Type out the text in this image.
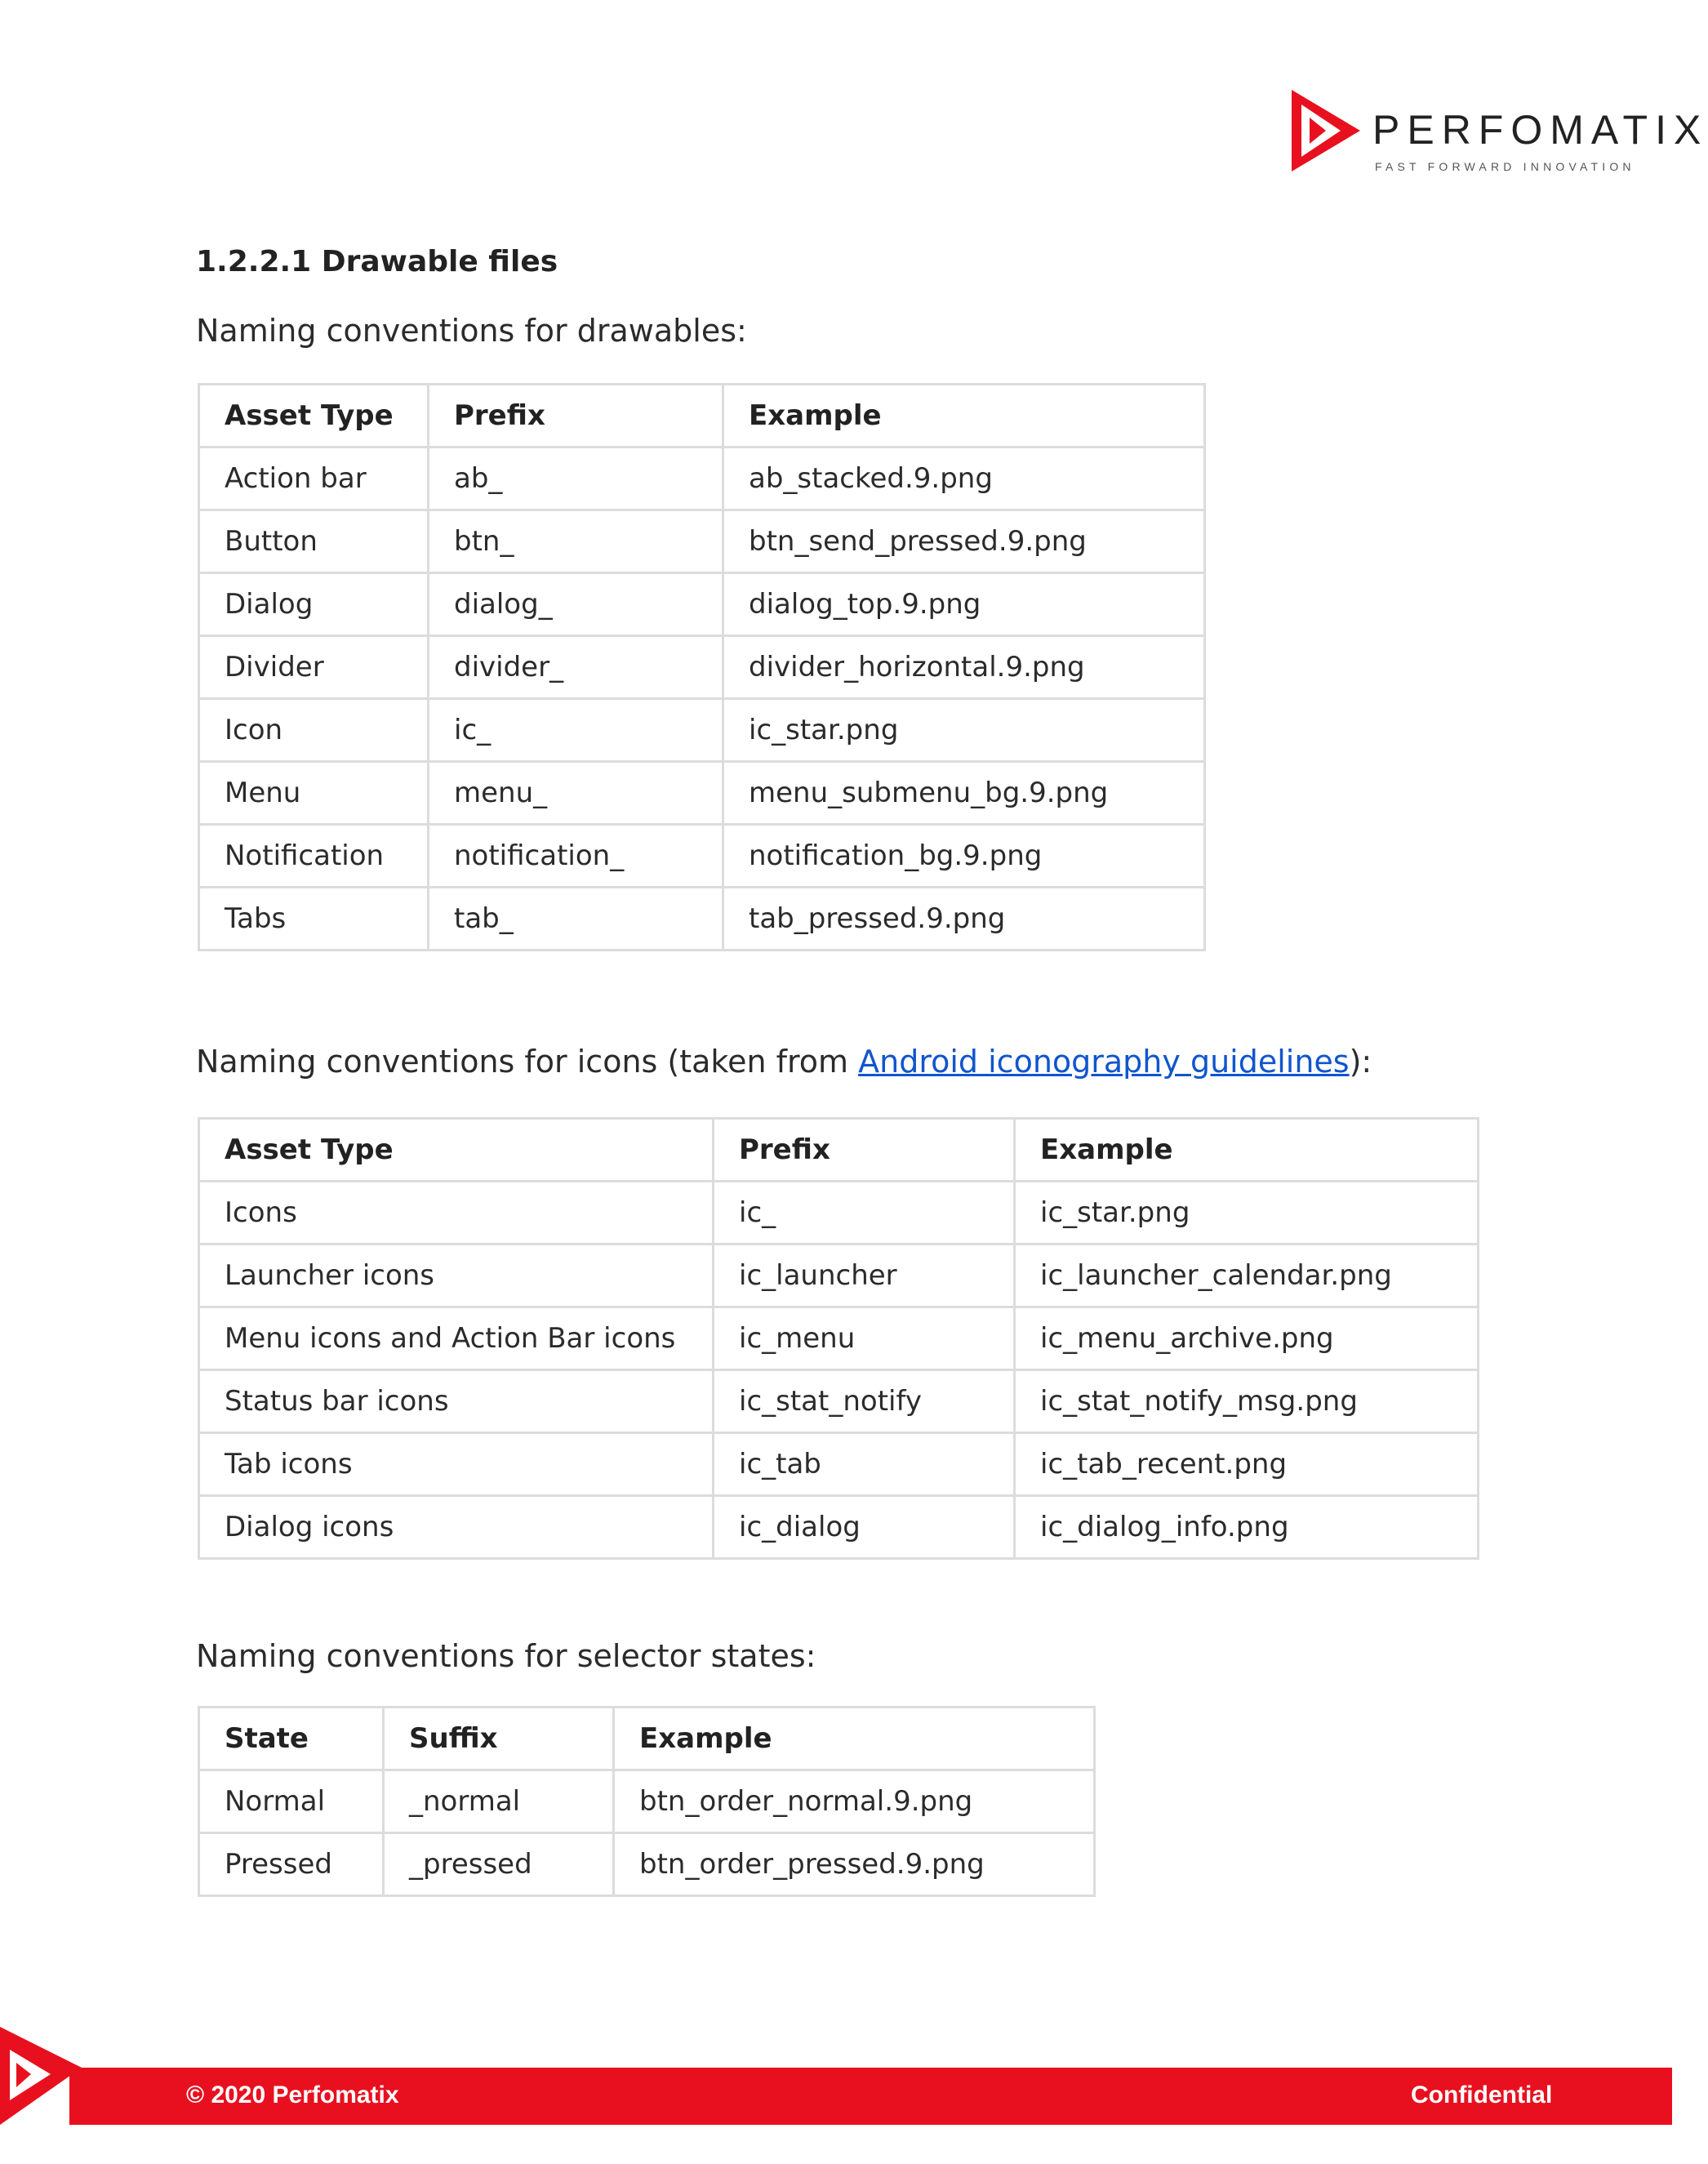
PERFOMATIX
FAST FORWARD INNOVATION
1.2.2.1 Drawable files
Naming conventions for drawables:
Asset Type	Prefix	Example
Action bar	ab_	ab_stacked.9.png
Button	btn_	btn_send_pressed.9.png
Dialog	dialog_	dialog_top.9.png
Divider	divider_	divider_horizontal.9.png
Icon	ic_	ic_star.png
Menu	menu_	menu_submenu_bg.9.png
Notification	notification_	notification_bg.9.png
Tabs	tab_	tab_pressed.9.png
Naming conventions for icons (taken from Android iconography guidelines):
Asset Type	Prefix	Example
Icons	ic_	ic_star.png
Launcher icons	ic_launcher	ic_launcher_calendar.png
Menu icons and Action Bar icons	ic_menu	ic_menu_archive.png
Status bar icons	ic_stat_notify	ic_stat_notify_msg.png
Tab icons	ic_tab	ic_tab_recent.png
Dialog icons	ic_dialog	ic_dialog_info.png
Naming conventions for selector states:
State	Suffix	Example
Normal	_normal	btn_order_normal.9.png
Pressed	_pressed	btn_order_pressed.9.png
© 2020 Perfomatix	Confidential
